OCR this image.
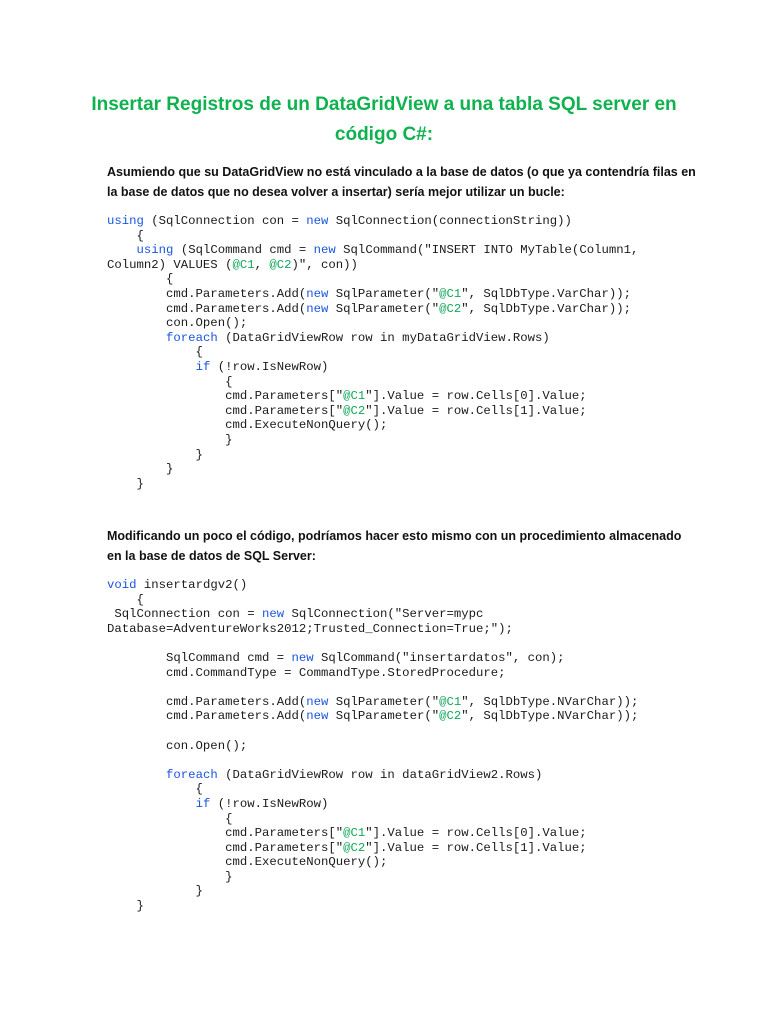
Insertar Registros de un DataGridView a una tabla SQL server en
código C#:
Asumiendo que su DataGridView no está vinculado a la base de datos (o que ya contendría filas en
la base de datos que no desea volver a insertar) sería mejor utilizar un bucle:
using (SqlConnection con = new SqlConnection(connectionString))
{
using (SqlCommand cmd = new SqlCommand("INSERT INTO MyTable(Column1,
Column2) VALUES (@C1, @C2)", con))
{
cmd.Parameters.Add(new SqlParameter("@C1", SqlDbType.VarChar));
cmd.Parameters.Add(new SqlParameter("@C2", SqlDbType.VarChar));
con.Open();
foreach (DataGridViewRow row in myDataGridView.Rows)
{
if (!row.IsNewRow)
{
cmd.Parameters["@C1"].Value = row.Cells[0].Value;
cmd.Parameters["@C2"].Value = row.Cells[1].Value;
cmd.ExecuteNonQuery();
}
}
}
}
Modificando un poco el código, podríamos hacer esto mismo con un procedimiento almacenado
en la base de datos de SQL Server:
void insertardgv2()
{
SqlConnection con = new SqlConnection("Server=mypc
Database=AdventureWorks2012;Trusted_Connection=True;");
SqlCommand cmd = new SqlCommand("insertardatos", con);
cmd.CommandType = CommandType.StoredProcedure;
cmd.Parameters.Add(new SqlParameter("@C1", SqlDbType.NVarChar));
cmd.Parameters.Add(new SqlParameter("@C2", SqlDbType.NVarChar));
con.Open();
foreach (DataGridViewRow row in dataGridView2.Rows)
{
if (!row.IsNewRow)
{
cmd.Parameters["@C1"].Value = row.Cells[0].Value;
cmd.Parameters["@C2"].Value = row.Cells[1].Value;
cmd.ExecuteNonQuery();
}
}
}
